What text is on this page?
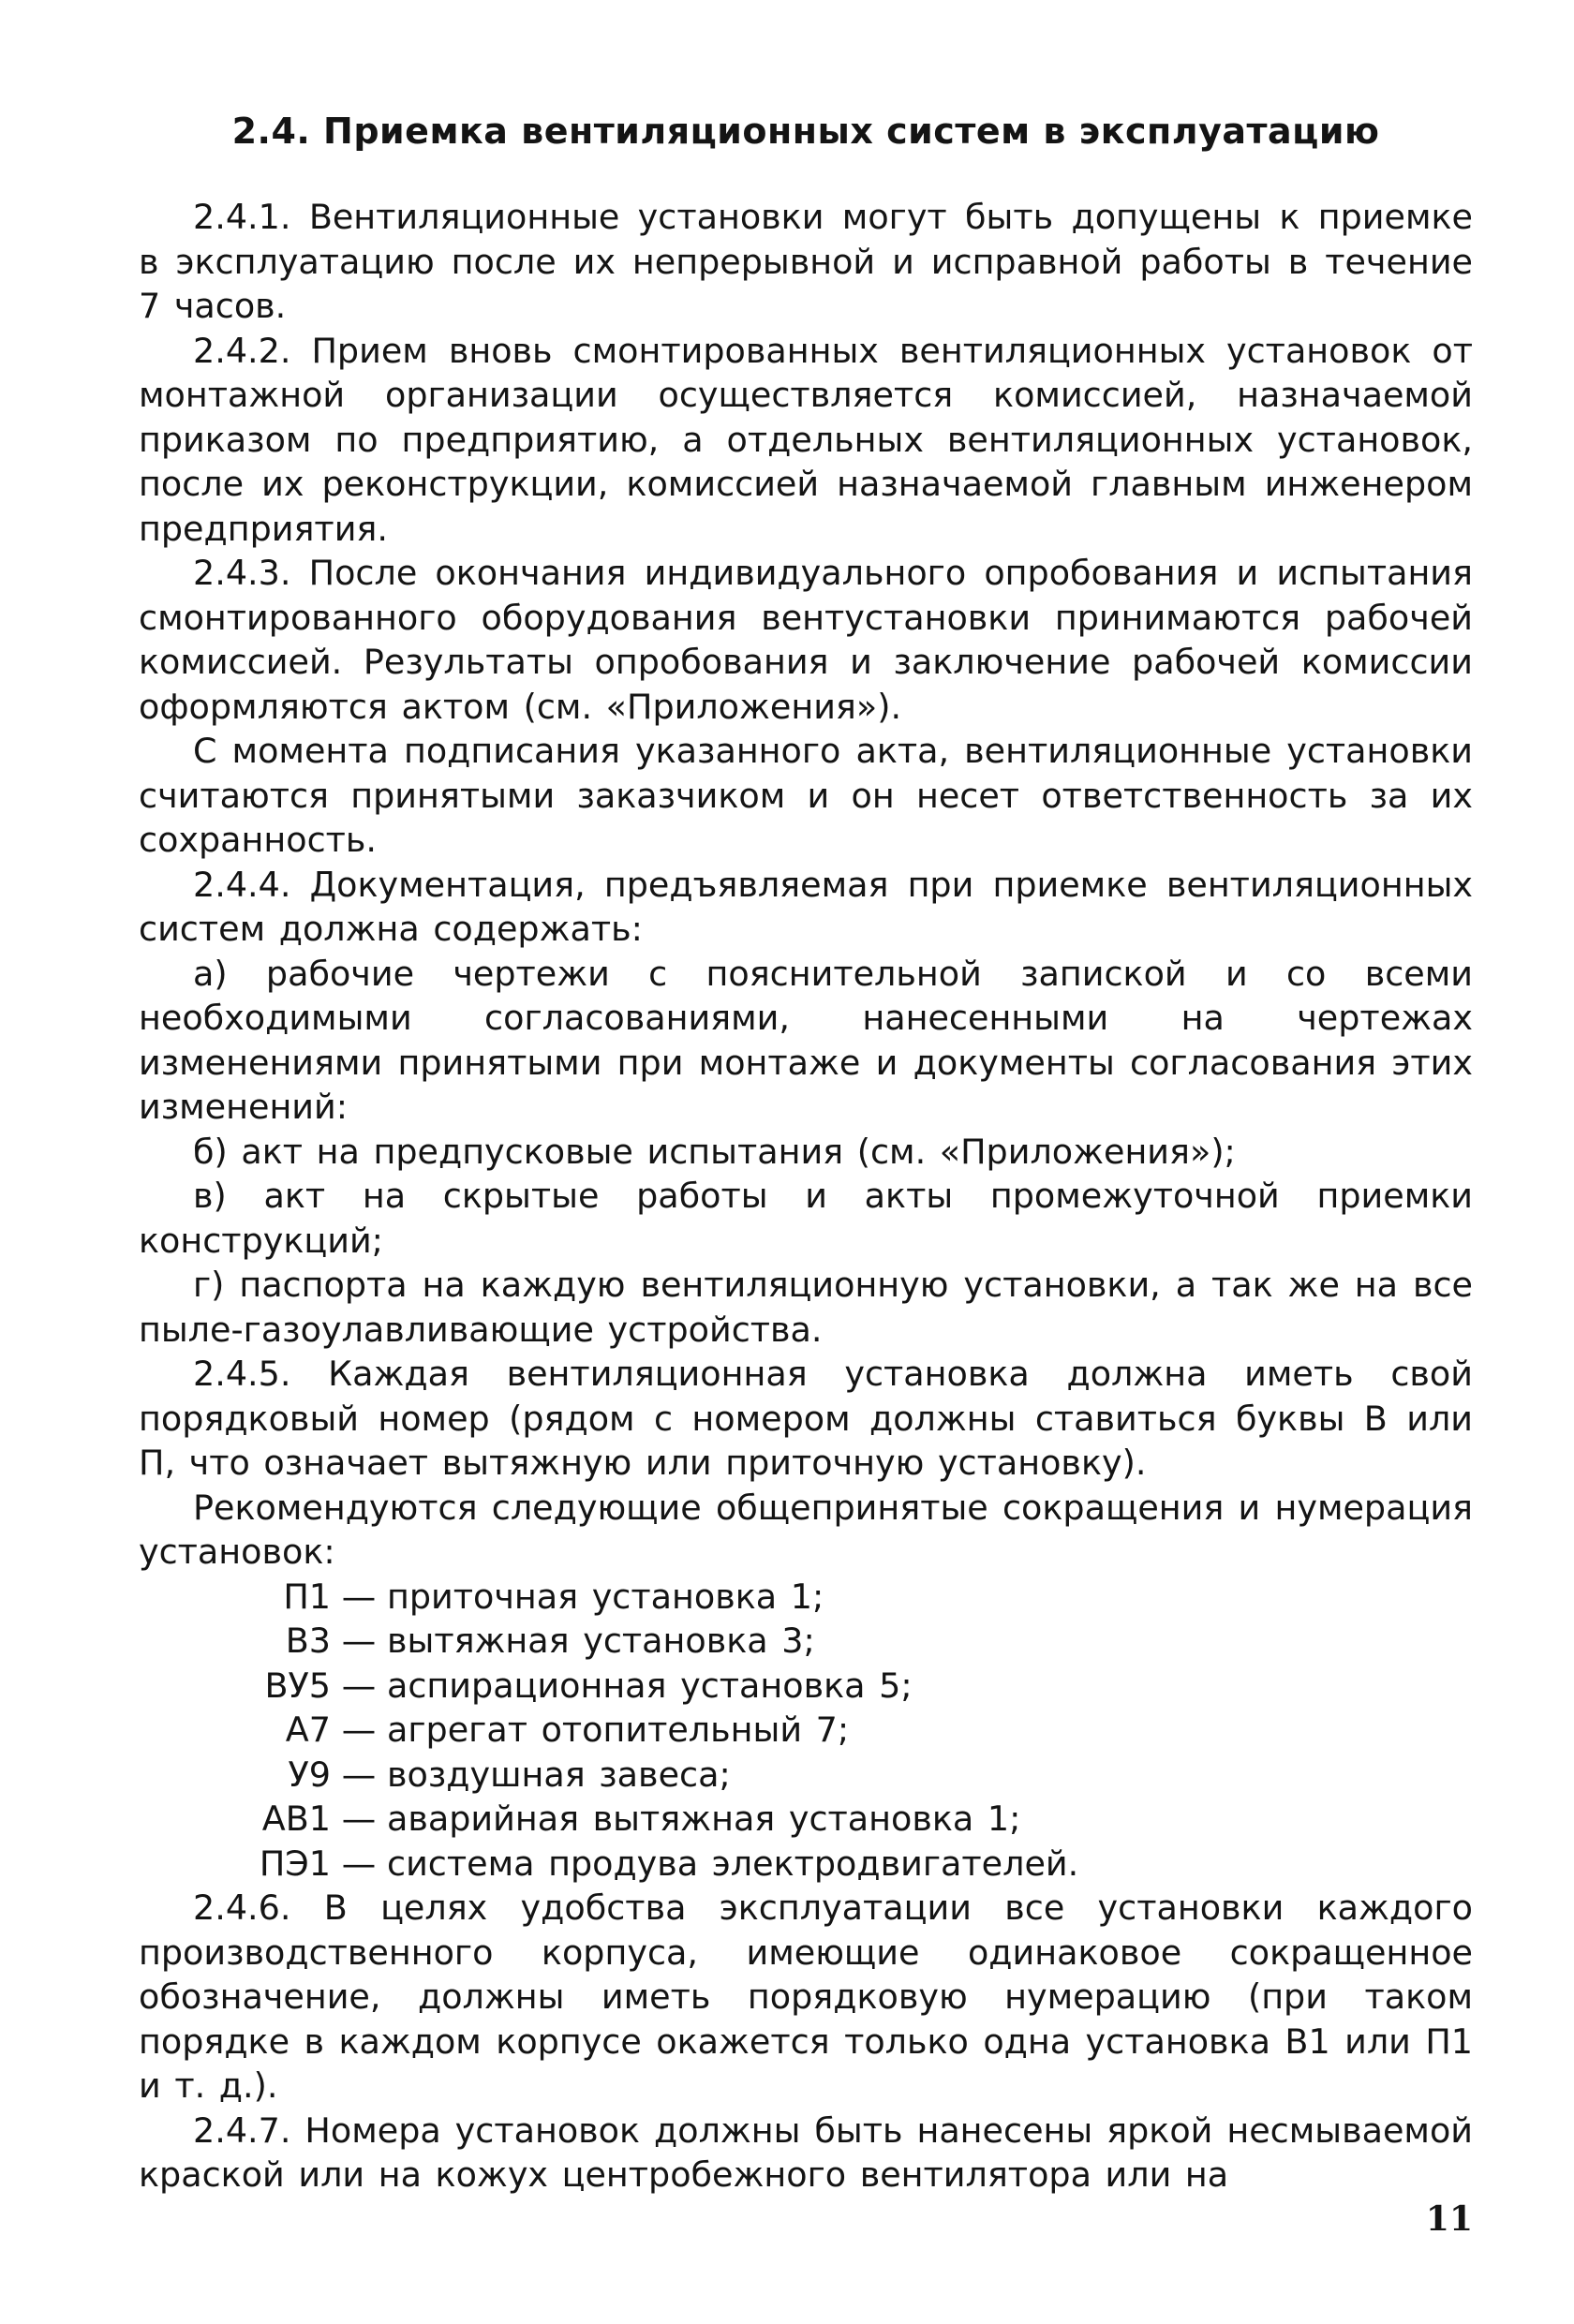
2.4. Приемка вентиляционных систем в эксплуатацию

2.4.1. Вентиляционные установки могут быть допущены к приемке в эксплуатацию после их непрерывной и исправной работы в течение 7 часов.

2.4.2. Прием вновь смонтированных вентиляционных установок от монтажной организации осуществляется комиссией, назначаемой приказом по предприятию, а отдельных вентиляционных установок, после их реконструкции, комиссией назначаемой главным инженером предприятия.

2.4.3. После окончания индивидуального опробования и испытания смонтированного оборудования вентустановки принимаются рабочей комиссией. Результаты опробования и заключение рабочей комиссии оформляются актом (см. «Приложения»).

С момента подписания указанного акта, вентиляционные установки считаются принятыми заказчиком и он несет ответственность за их сохранность.

2.4.4. Документация, предъявляемая при приемке вентиляционных систем должна содержать:

а) рабочие чертежи с пояснительной запиской и со всеми необходимыми согласованиями, нанесенными на чертежах изменениями принятыми при монтаже и документы согласования этих изменений:

б) акт на предпусковые испытания (см. «Приложения»);

в) акт на скрытые работы и акты промежуточной приемки конструкций;

г) паспорта на каждую вентиляционную установки, а так же на все пыле-газоулавливающие устройства.

2.4.5. Каждая вентиляционная установка должна иметь свой порядковый номер (рядом с номером должны ставиться буквы В или П, что означает вытяжную или приточную установку).

Рекомендуются следующие общепринятые сокращения и нумерация установок:

П1 — приточная установка 1;
В3 — вытяжная установка 3;
ВУ5 — аспирационная установка 5;
А7 — агрегат отопительный 7;
У9 — воздушная завеса;
АВ1 — аварийная вытяжная установка 1;
ПЭ1 — система продува электродвигателей.

2.4.6. В целях удобства эксплуатации все установки каждого производственного корпуса, имеющие одинаковое сокращенное обозначение, должны иметь порядковую нумерацию (при таком порядке в каждом корпусе окажется только одна установка В1 или П1 и т. д.).

2.4.7. Номера установок должны быть нанесены яркой несмываемой краской или на кожух центробежного вентилятора или на

11
